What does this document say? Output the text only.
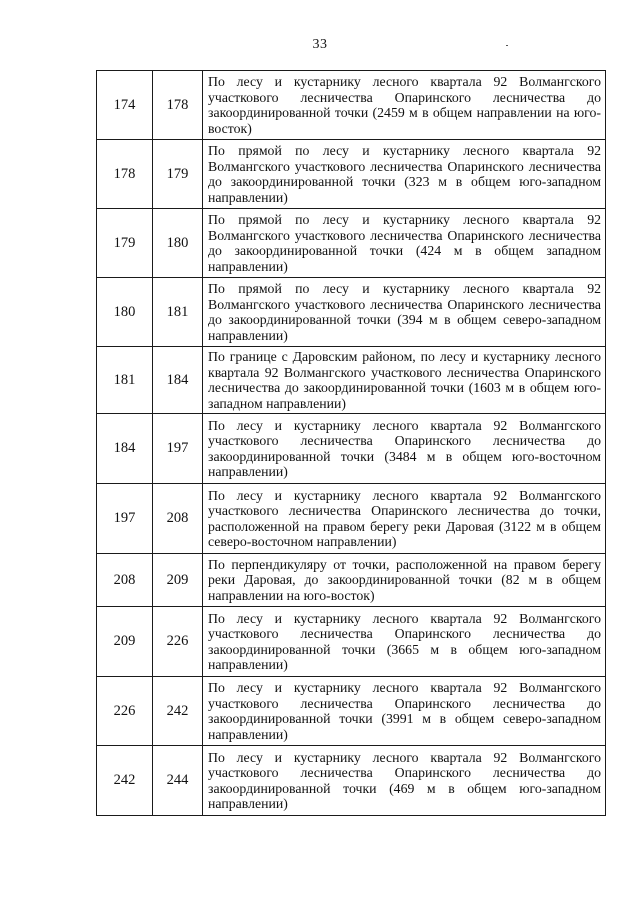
33
174	178	По лесу и кустарнику лесного квартала 92 Волмангского участкового лесничества Опаринского лесничества до закоординированной точки (2459 м в общем направлении на юго-восток)
178	179	По прямой по лесу и кустарнику лесного квартала 92 Волмангского участкового лесничества Опаринского лесничества до закоординированной точки (323 м в общем юго-западном направлении)
179	180	По прямой по лесу и кустарнику лесного квартала 92 Волмангского участкового лесничества Опаринского лесничества до закоординированной точки (424 м в общем западном направлении)
180	181	По прямой по лесу и кустарнику лесного квартала 92 Волмангского участкового лесничества Опаринского лесничества до закоординированной точки (394 м в общем северо-западном направлении)
181	184	По границе с Даровским районом, по лесу и кустарнику лесного квартала 92 Волмангского участкового лесничества Опаринского лесничества до закоординированной точки (1603 м в общем юго-западном направлении)
184	197	По лесу и кустарнику лесного квартала 92 Волмангского участкового лесничества Опаринского лесничества до закоординированной точки (3484 м в общем юго-восточном направлении)
197	208	По лесу и кустарнику лесного квартала 92 Волмангского участкового лесничества Опаринского лесничества до точки, расположенной на правом берегу реки Даровая (3122 м в общем северо-восточном направлении)
208	209	По перпендикуляру от точки, расположенной на правом берегу реки Даровая, до закоординированной точки (82 м в общем направлении на юго-восток)
209	226	По лесу и кустарнику лесного квартала 92 Волмангского участкового лесничества Опаринского лесничества до закоординированной точки (3665 м в общем юго-западном направлении)
226	242	По лесу и кустарнику лесного квартала 92 Волмангского участкового лесничества Опаринского лесничества до закоординированной точки (3991 м в общем северо-западном направлении)
242	244	По лесу и кустарнику лесного квартала 92 Волмангского участкового лесничества Опаринского лесничества до закоординированной точки (469 м в общем юго-западном направлении)
